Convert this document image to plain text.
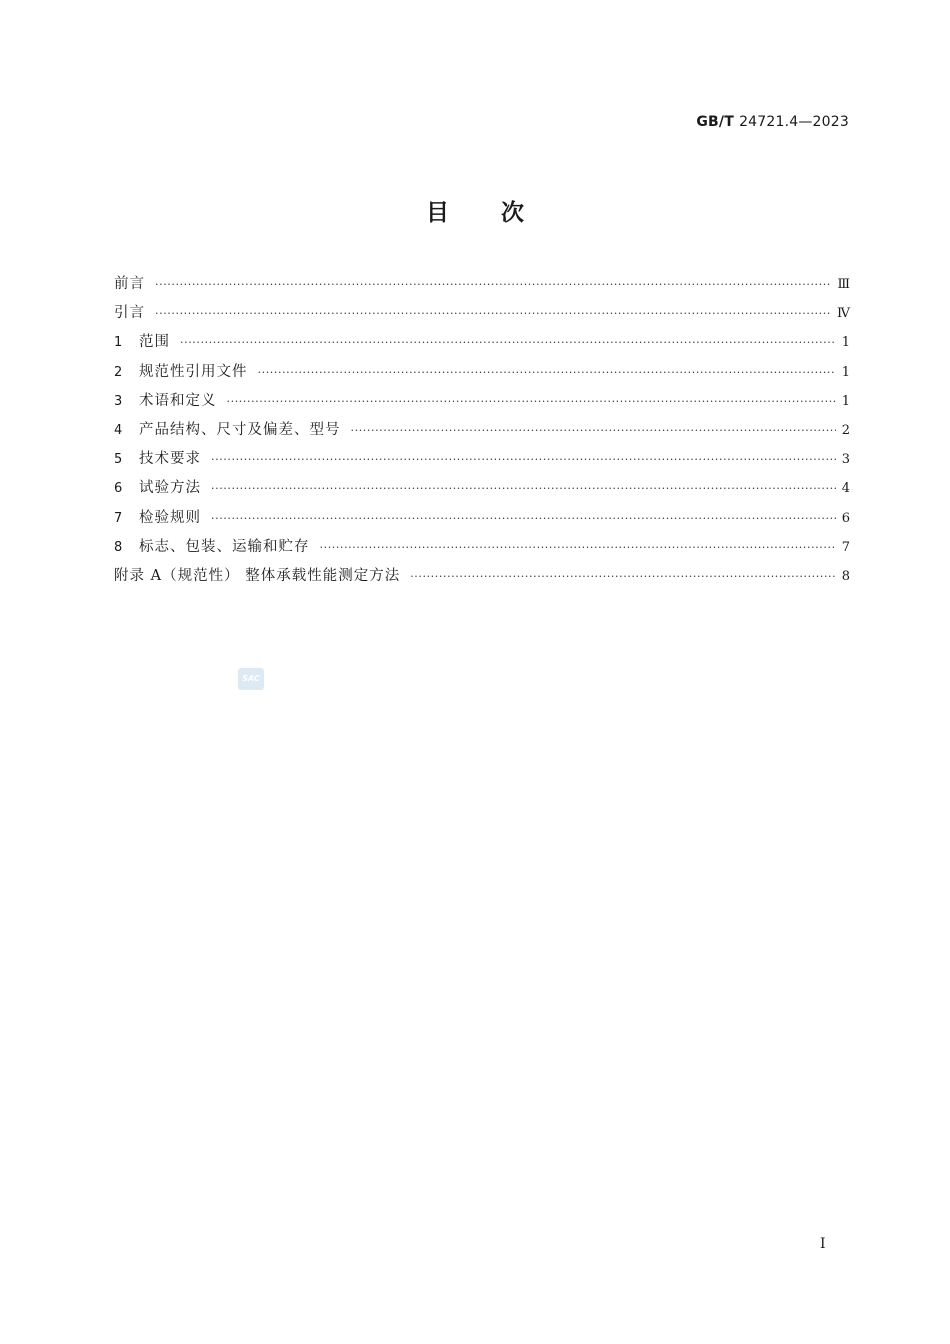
GB/T 24721.4—2023
目次
前言 ·····	Ⅲ
引言 ·····	Ⅳ
1	范围 ·····	1
2	规范性引用文件 ·····	1
3	术语和定义 ·····	1
4	产品结构、尺寸及偏差、型号 ·····	2
5	技术要求 ·····	3
6	试验方法 ·····	4
7	检验规则 ·····	6
8	标志、包装、运输和贮存 ·····	7
附录 A（规范性） 整体承载性能测定方法 ·····	8
SAC
I
